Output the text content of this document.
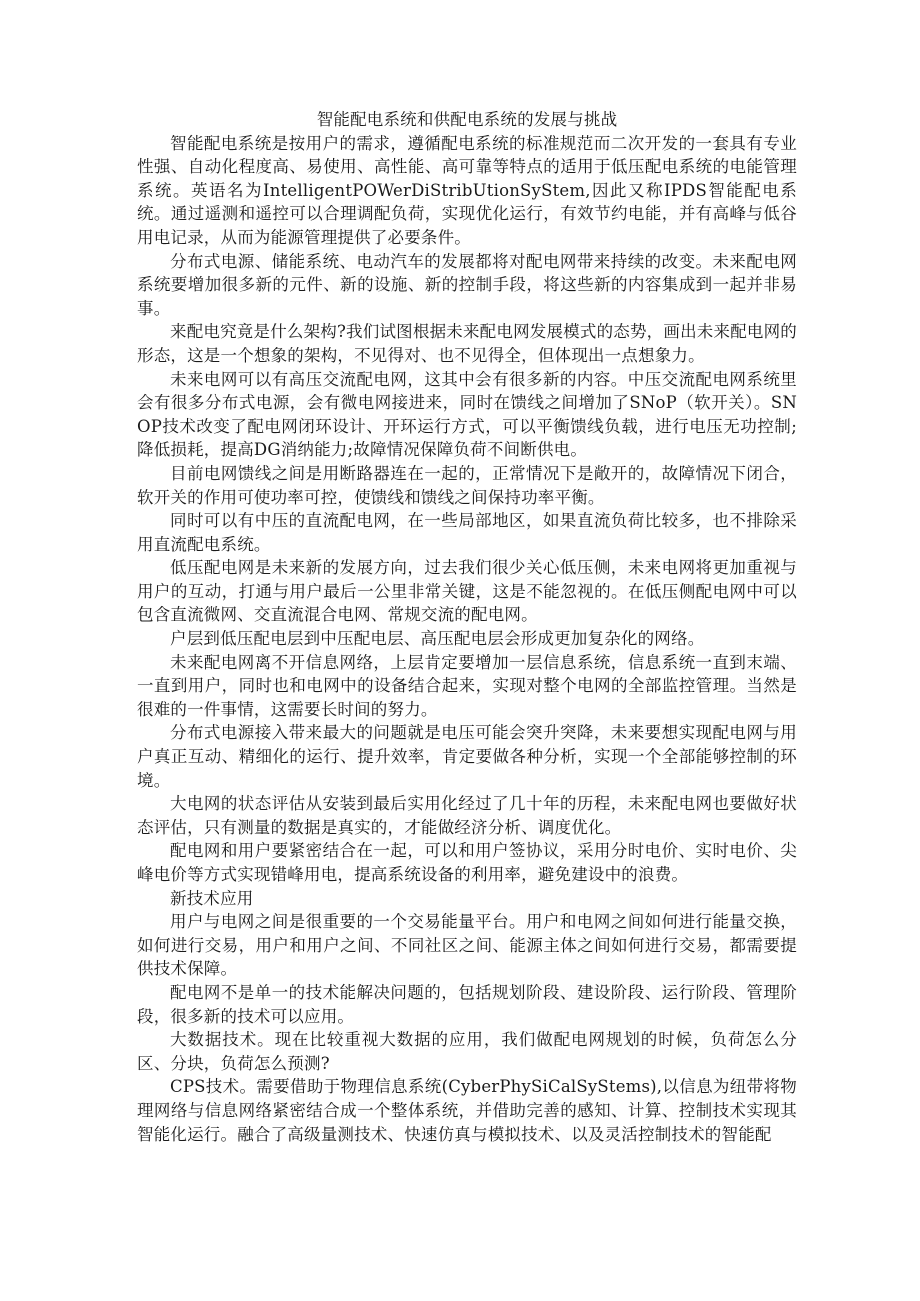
智能配电系统和供配电系统的发展与挑战

智能配电系统是按用户的需求，遵循配电系统的标准规范而二次开发的一套具有专业性强、自动化程度高、易使用、高性能、高可靠等特点的适用于低压配电系统的电能管理系统。英语名为IntelligentPOWerDiStribUtionSyStem,因此又称IPDS智能配电系统。通过遥测和遥控可以合理调配负荷，实现优化运行，有效节约电能，并有高峰与低谷用电记录，从而为能源管理提供了必要条件。

分布式电源、储能系统、电动汽车的发展都将对配电网带来持续的改变。未来配电网系统要增加很多新的元件、新的设施、新的控制手段，将这些新的内容集成到一起并非易事。

来配电究竟是什么架构?我们试图根据未来配电网发展模式的态势，画出未来配电网的形态，这是一个想象的架构，不见得对、也不见得全，但体现出一点想象力。

未来电网可以有高压交流配电网，这其中会有很多新的内容。中压交流配电网系统里会有很多分布式电源，会有微电网接进来，同时在馈线之间增加了SNoP（软开关）。SNOP技术改变了配电网闭环设计、开环运行方式，可以平衡馈线负载，进行电压无功控制;降低损耗，提高DG消纳能力;故障情况保障负荷不间断供电。

目前电网馈线之间是用断路器连在一起的，正常情况下是敞开的，故障情况下闭合，软开关的作用可使功率可控，使馈线和馈线之间保持功率平衡。

同时可以有中压的直流配电网，在一些局部地区，如果直流负荷比较多，也不排除采用直流配电系统。

低压配电网是未来新的发展方向，过去我们很少关心低压侧，未来电网将更加重视与用户的互动，打通与用户最后一公里非常关键，这是不能忽视的。在低压侧配电网中可以包含直流微网、交直流混合电网、常规交流的配电网。

户层到低压配电层到中压配电层、高压配电层会形成更加复杂化的网络。

未来配电网离不开信息网络，上层肯定要增加一层信息系统，信息系统一直到末端、一直到用户，同时也和电网中的设备结合起来，实现对整个电网的全部监控管理。当然是很难的一件事情，这需要长时间的努力。

分布式电源接入带来最大的问题就是电压可能会突升突降，未来要想实现配电网与用户真正互动、精细化的运行、提升效率，肯定要做各种分析，实现一个全部能够控制的环境。

大电网的状态评估从安装到最后实用化经过了几十年的历程，未来配电网也要做好状态评估，只有测量的数据是真实的，才能做经济分析、调度优化。

配电网和用户要紧密结合在一起，可以和用户签协议，采用分时电价、实时电价、尖峰电价等方式实现错峰用电，提高系统设备的利用率，避免建设中的浪费。

新技术应用

用户与电网之间是很重要的一个交易能量平台。用户和电网之间如何进行能量交换，如何进行交易，用户和用户之间、不同社区之间、能源主体之间如何进行交易，都需要提供技术保障。

配电网不是单一的技术能解决问题的，包括规划阶段、建设阶段、运行阶段、管理阶段，很多新的技术可以应用。

大数据技术。现在比较重视大数据的应用，我们做配电网规划的时候，负荷怎么分区、分块，负荷怎么预测?

CPS技术。需要借助于物理信息系统(CyberPhySiCalSyStems),以信息为纽带将物理网络与信息网络紧密结合成一个整体系统，并借助完善的感知、计算、控制技术实现其智能化运行。融合了高级量测技术、快速仿真与模拟技术、以及灵活控制技术的智能配
